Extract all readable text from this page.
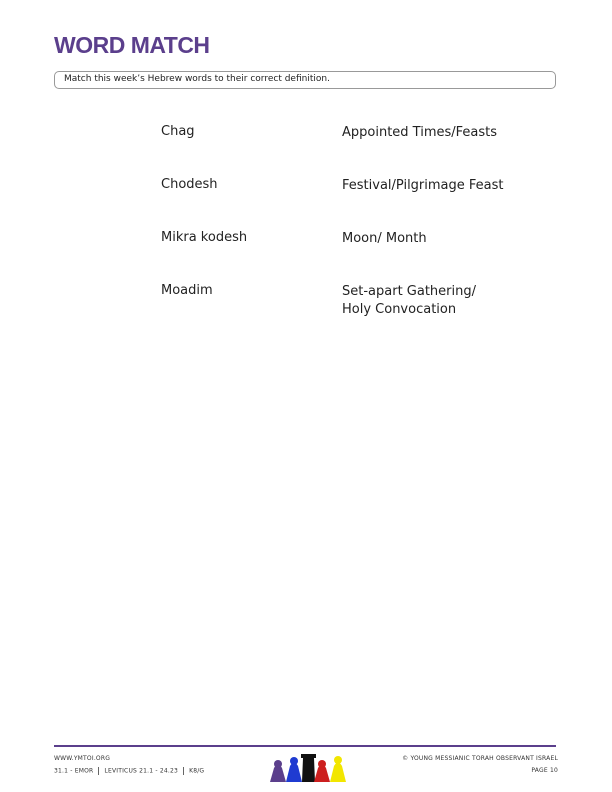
WORD MATCH
Match this week’s Hebrew words to their correct definition.
Chag	Appointed Times/Feasts
Chodesh	Festival/Pilgrimage Feast
Mikra kodesh	Moon/ Month
Moadim	Set-apart Gathering/
Holy Convocation
WWW.YMTOI.ORG
31.1 - EMOR LEVITICUS 21.1 - 24.23 K8/G
© YOUNG MESSIANIC TORAH OBSERVANT ISRAEL
PAGE 10
